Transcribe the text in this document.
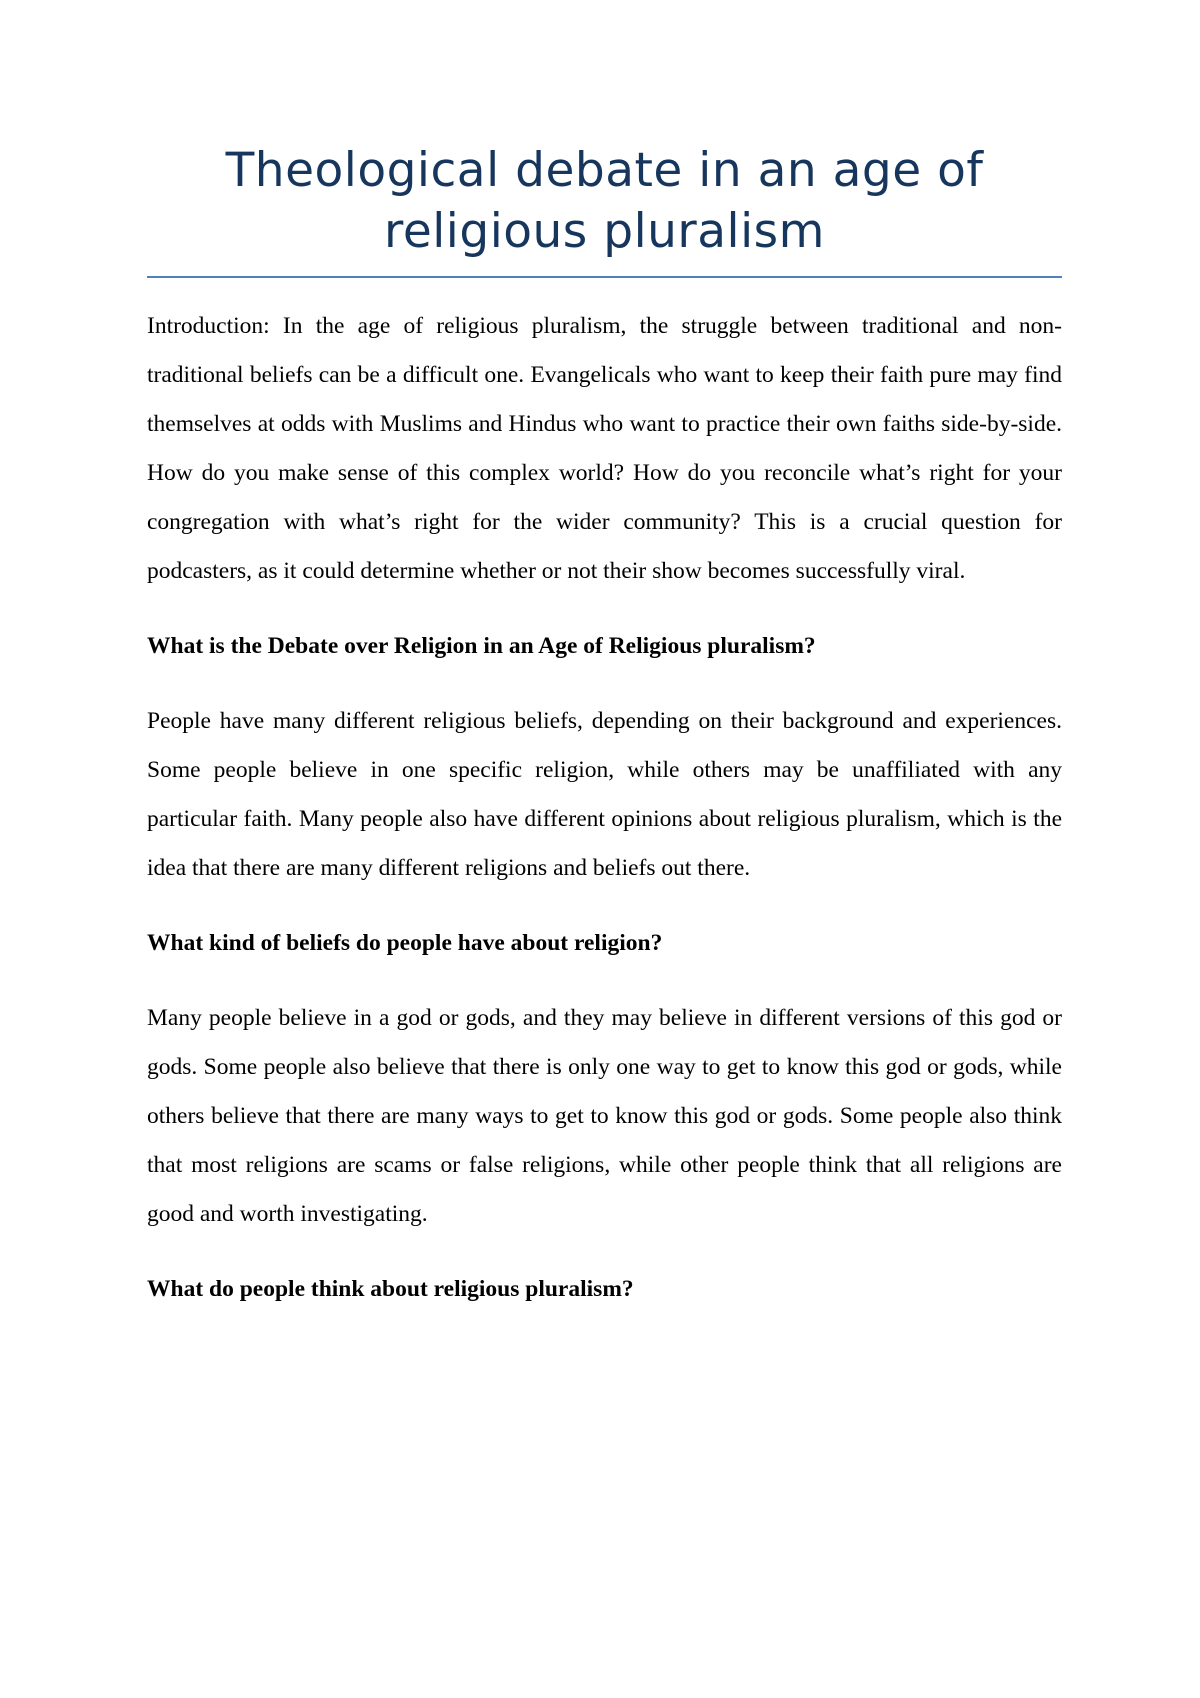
Theological debate in an age of religious pluralism

Introduction: In the age of religious pluralism, the struggle between traditional and non-traditional beliefs can be a difficult one. Evangelicals who want to keep their faith pure may find themselves at odds with Muslims and Hindus who want to practice their own faiths side-by-side. How do you make sense of this complex world? How do you reconcile what’s right for your congregation with what’s right for the wider community? This is a crucial question for podcasters, as it could determine whether or not their show becomes successfully viral.

What is the Debate over Religion in an Age of Religious pluralism?

People have many different religious beliefs, depending on their background and experiences. Some people believe in one specific religion, while others may be unaffiliated with any particular faith. Many people also have different opinions about religious pluralism, which is the idea that there are many different religions and beliefs out there.

What kind of beliefs do people have about religion?

Many people believe in a god or gods, and they may believe in different versions of this god or gods. Some people also believe that there is only one way to get to know this god or gods, while others believe that there are many ways to get to know this god or gods. Some people also think that most religions are scams or false religions, while other people think that all religions are good and worth investigating.

What do people think about religious pluralism?
